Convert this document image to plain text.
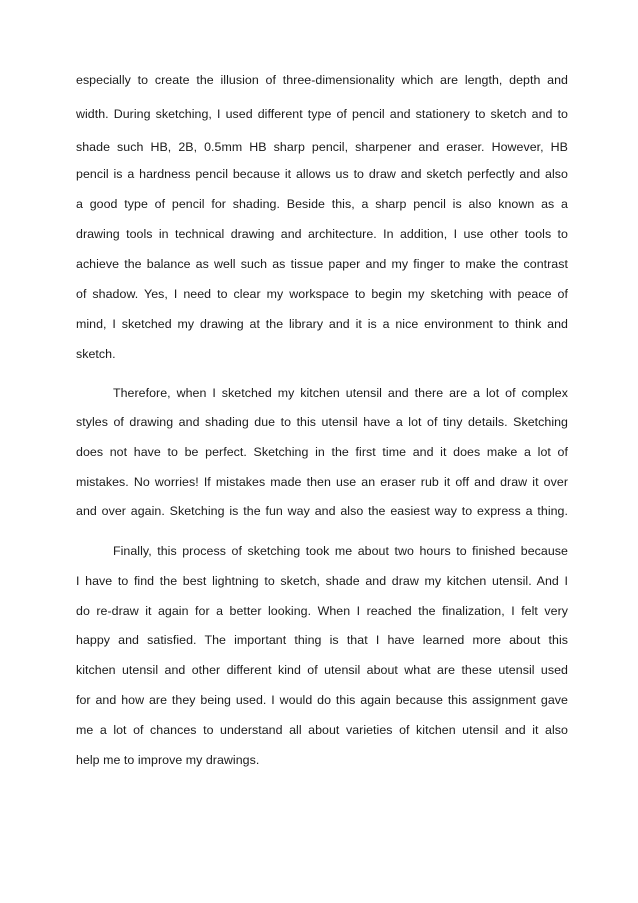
especially to create the illusion of three-dimensionality which are length, depth and
width. During sketching, I used different type of pencil and stationery to sketch and to
shade such HB, 2B, 0.5mm HB sharp pencil, sharpener and eraser. However, HB
pencil is a hardness pencil because it allows us to draw and sketch perfectly and also
a good type of pencil for shading. Beside this, a sharp pencil is also known as a
drawing tools in technical drawing and architecture. In addition, I use other tools to
achieve the balance as well such as tissue paper and my finger to make the contrast
of shadow. Yes, I need to clear my workspace to begin my sketching with peace of
mind, I sketched my drawing at the library and it is a nice environment to think and
sketch.
Therefore, when I sketched my kitchen utensil and there are a lot of complex
styles of drawing and shading due to this utensil have a lot of tiny details. Sketching
does not have to be perfect. Sketching in the first time and it does make a lot of
mistakes. No worries! If mistakes made then use an eraser rub it off and draw it over
and over again. Sketching is the fun way and also the easiest way to express a thing.
Finally, this process of sketching took me about two hours to finished because
I have to find the best lightning to sketch, shade and draw my kitchen utensil. And I
do re-draw it again for a better looking. When I reached the finalization, I felt very
happy and satisfied. The important thing is that I have learned more about this
kitchen utensil and other different kind of utensil about what are these utensil used
for and how are they being used. I would do this again because this assignment gave
me a lot of chances to understand all about varieties of kitchen utensil and it also
help me to improve my drawings.
